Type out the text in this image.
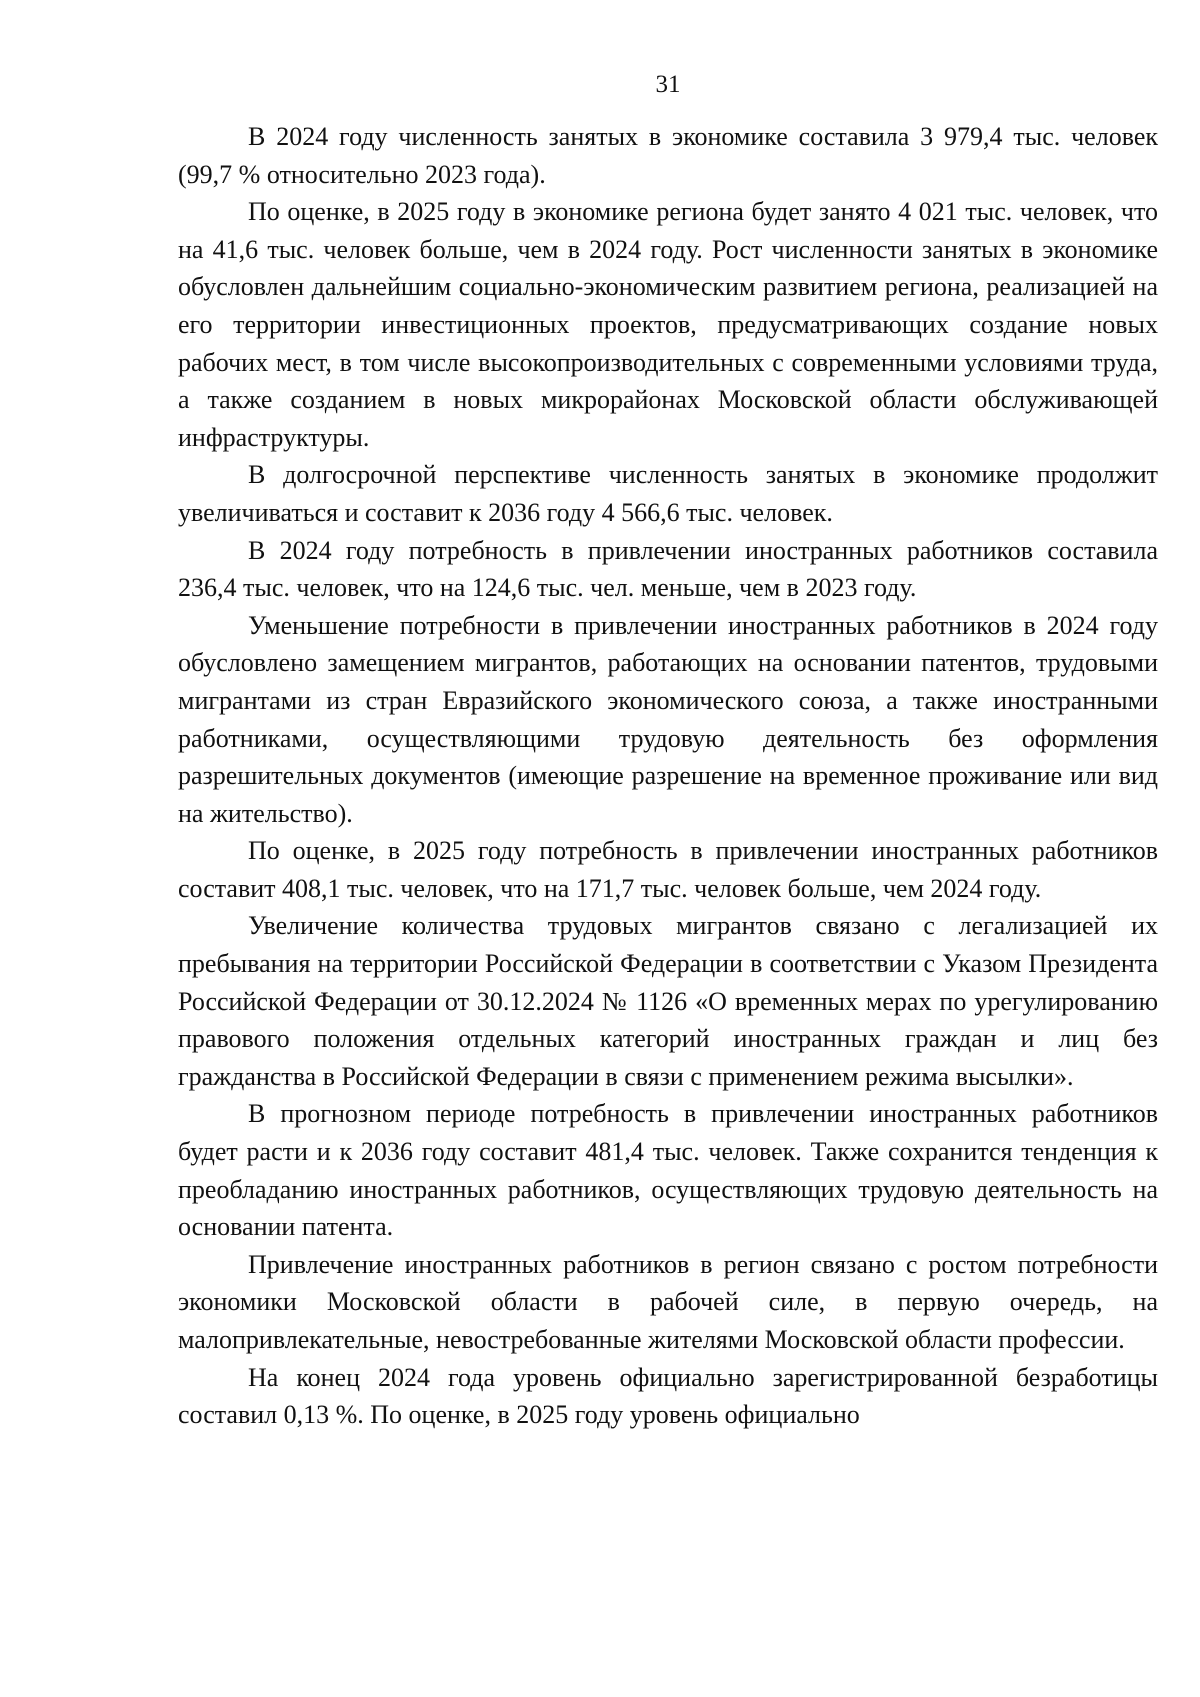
31

В 2024 году численность занятых в экономике составила 3 979,4 тыс. человек (99,7 % относительно 2023 года).

По оценке, в 2025 году в экономике региона будет занято 4 021 тыс. человек, что на 41,6 тыс. человек больше, чем в 2024 году. Рост численности занятых в экономике обусловлен дальнейшим социально-экономическим развитием региона, реализацией на его территории инвестиционных проектов, предусматривающих создание новых рабочих мест, в том числе высокопроизводительных с современными условиями труда, а также созданием в новых микрорайонах Московской области обслуживающей инфраструктуры.

В долгосрочной перспективе численность занятых в экономике продолжит увеличиваться и составит к 2036 году 4 566,6 тыс. человек.

В 2024 году потребность в привлечении иностранных работников составила 236,4 тыс. человек, что на 124,6 тыс. чел. меньше, чем в 2023 году.

Уменьшение потребности в привлечении иностранных работников в 2024 году обусловлено замещением мигрантов, работающих на основании патентов, трудовыми мигрантами из стран Евразийского экономического союза, а также иностранными работниками, осуществляющими трудовую деятельность без оформления разрешительных документов (имеющие разрешение на временное проживание или вид на жительство).

По оценке, в 2025 году потребность в привлечении иностранных работников составит 408,1 тыс. человек, что на 171,7 тыс. человек больше, чем 2024 году.

Увеличение количества трудовых мигрантов связано с легализацией их пребывания на территории Российской Федерации в соответствии с Указом Президента Российской Федерации от 30.12.2024 № 1126 «О временных мерах по урегулированию правового положения отдельных категорий иностранных граждан и лиц без гражданства в Российской Федерации в связи с применением режима высылки».

В прогнозном периоде потребность в привлечении иностранных работников будет расти и к 2036 году составит 481,4 тыс. человек. Также сохранится тенденция к преобладанию иностранных работников, осуществляющих трудовую деятельность на основании патента.

Привлечение иностранных работников в регион связано с ростом потребности экономики Московской области в рабочей силе, в первую очередь, на малопривлекательные, невостребованные жителями Московской области профессии.

На конец 2024 года уровень официально зарегистрированной безработицы составил 0,13 %. По оценке, в 2025 году уровень официально
